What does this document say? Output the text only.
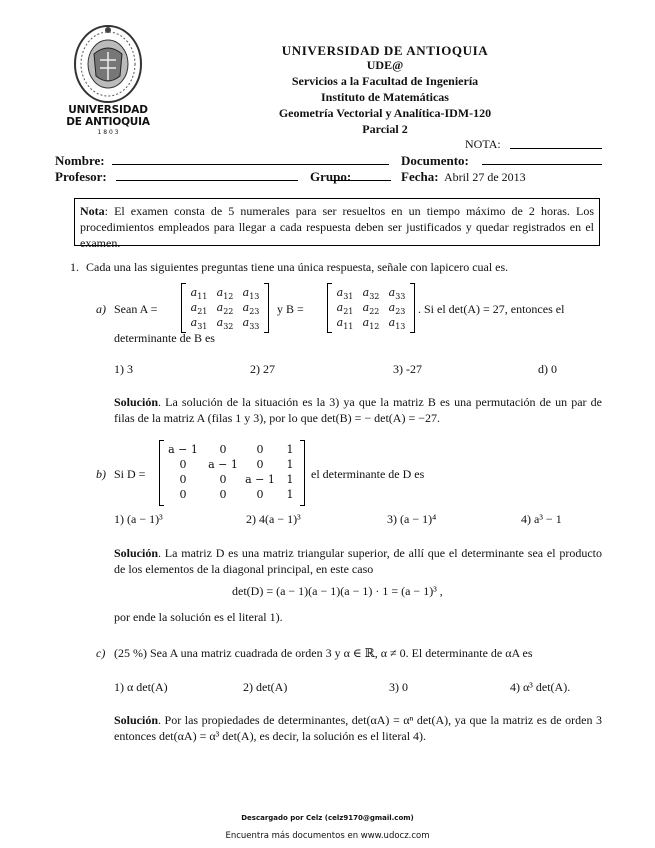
UNIVERSIDAD
DE ANTIOQUIA
1 8 0 3
UNIVERSIDAD DE ANTIOQUIA
UDE@
Servicios a la Facultad de Ingeniería
Instituto de Matemáticas
Geometría Vectorial y Analítica-IDM-120
Parcial 2
NOTA:
Nombre:	Documento:
Profesor:	Grupo:	Fecha: Abril 27 de 2013
Nota: El examen consta de 5 numerales para ser resueltos en un tiempo máximo de 2 horas. Los procedimientos empleados para llegar a cada respuesta deben ser justificados y quedar registrados en el examen.
1. Cada una las siguientes preguntas tiene una única respuesta, señale con lapicero cual es.
a) Sean A =
$a_{11}$ $a_{12}$ $a_{13}$
$a_{21}$ $a_{22}$ $a_{23}$
$a_{31}$ $a_{32}$ $a_{33}$
y B =
$a_{31}$ $a_{32}$ $a_{33}$
$a_{21}$ $a_{22}$ $a_{23}$
$a_{11}$ $a_{12}$ $a_{13}$
. Si el det(A) = 27, entonces el
determinante de B es
1) 3	2) 27	3) -27	d) 0
Solución. La solución de la situación es la 3) ya que la matriz B es una permutación de un par de filas de la matriz A (filas 1 y 3), por lo que det(B) = − det(A) = −27.
b) Si D =
a − 1	0	0	1
0	a − 1	0	1
0	0	a − 1	1
0	0	0	1
el determinante de D es
1) (a − 1)³	2) 4(a − 1)³	3) (a − 1)⁴	4) a³ − 1
Solución. La matriz D es una matriz triangular superior, de allí que el determinante sea el producto de los elementos de la diagonal principal, en este caso
det(D) = (a − 1)(a − 1)(a − 1) · 1 = (a − 1)³ ,
por ende la solución es el literal 1).
c) (25 %) Sea A una matriz cuadrada de orden 3 y α ∈ ℝ, α ≠ 0. El determinante de αA es
1) α det(A)	2) det(A)	3) 0	4) α³ det(A).
Solución. Por las propiedades de determinantes, det(αA) = αⁿ det(A), ya que la matriz es de orden 3 entonces det(αA) = α³ det(A), es decir, la solución es el literal 4).
Descargado por Celz (celz9170@gmail.com)
Encuentra más documentos en www.udocz.com
